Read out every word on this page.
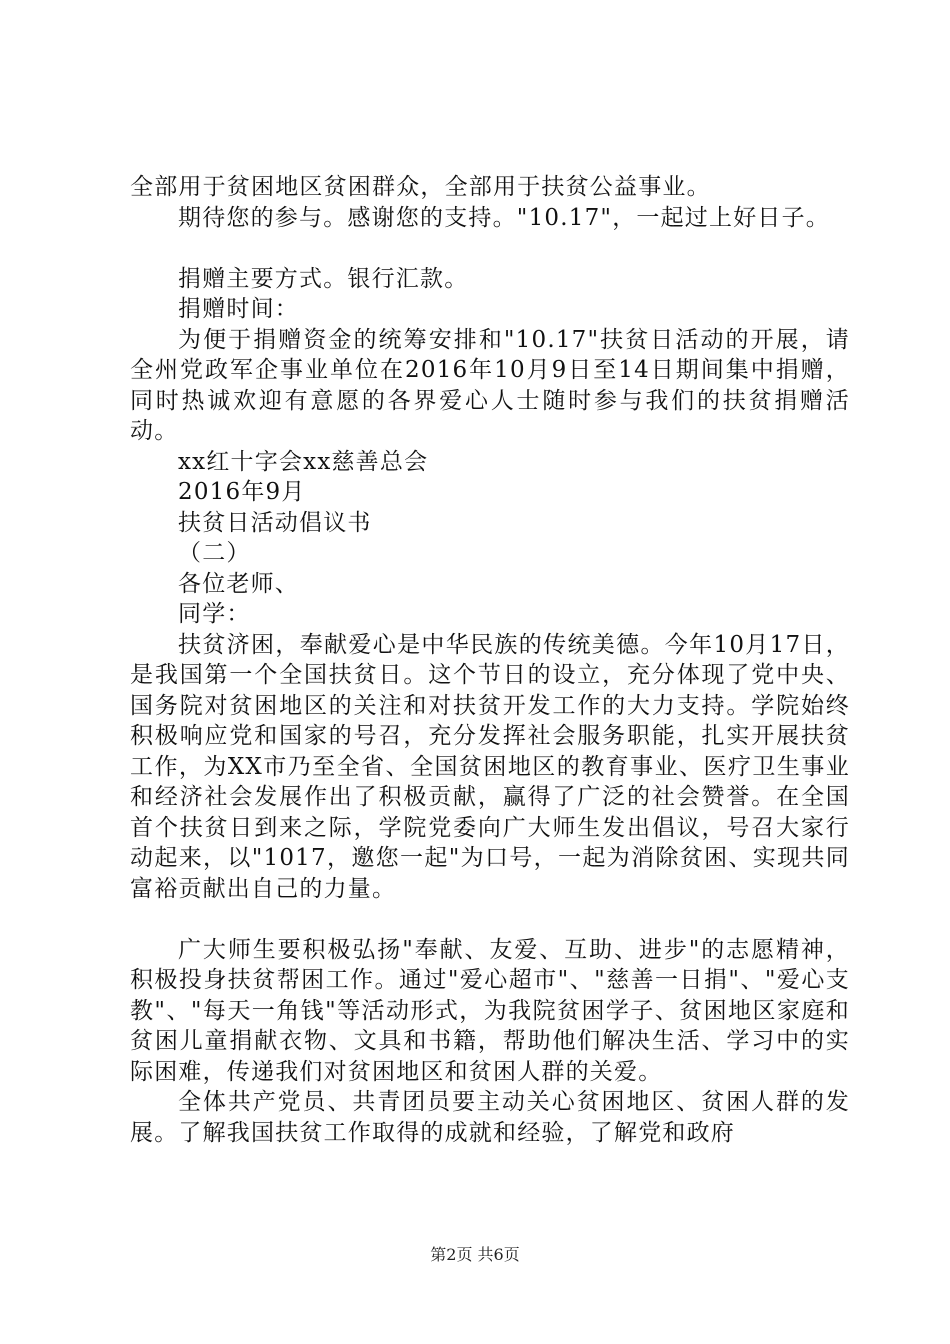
全部用于贫困地区贫困群众，全部用于扶贫公益事业。

期待您的参与。感谢您的支持。"10.17"，一起过上好日子。

捐赠主要方式。银行汇款。

捐赠时间：

为便于捐赠资金的统筹安排和"10.17"扶贫日活动的开展，请全州党政军企事业单位在2016年10月9日至14日期间集中捐赠，同时热诚欢迎有意愿的各界爱心人士随时参与我们的扶贫捐赠活动。

xx红十字会xx慈善总会

2016年9月

扶贫日活动倡议书

（二）

各位老师、

同学：

扶贫济困，奉献爱心是中华民族的传统美德。今年10月17日，是我国第一个全国扶贫日。这个节日的设立，充分体现了党中央、国务院对贫困地区的关注和对扶贫开发工作的大力支持。学院始终积极响应党和国家的号召，充分发挥社会服务职能，扎实开展扶贫工作，为XX市乃至全省、全国贫困地区的教育事业、医疗卫生事业和经济社会发展作出了积极贡献，赢得了广泛的社会赞誉。在全国首个扶贫日到来之际，学院党委向广大师生发出倡议，号召大家行动起来，以"1017，邀您一起"为口号，一起为消除贫困、实现共同富裕贡献出自己的力量。

广大师生要积极弘扬"奉献、友爱、互助、进步"的志愿精神，积极投身扶贫帮困工作。通过"爱心超市"、"慈善一日捐"、"爱心支教"、"每天一角钱"等活动形式，为我院贫困学子、贫困地区家庭和贫困儿童捐献衣物、文具和书籍，帮助他们解决生活、学习中的实际困难，传递我们对贫困地区和贫困人群的关爱。

全体共产党员、共青团员要主动关心贫困地区、贫困人群的发展。了解我国扶贫工作取得的成就和经验，了解党和政府

第2页 共6页
